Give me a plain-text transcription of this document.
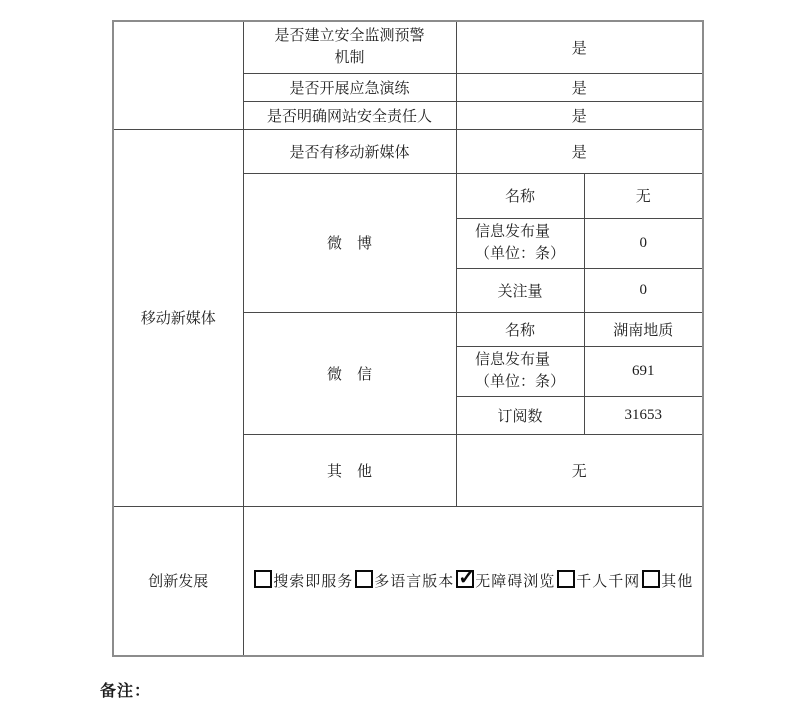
	是否建立安全监测预警
机制	是	
	是否开展应急演练	是	
	是否明确网站安全责任人	是	
移动新媒体	是否有移动新媒体	是	
	微　博	名称	无

		信息发布量
（单位：条）	0
		关注量	0
	微　信	名称	湖南地质

		信息发布量
（单位：条）	691
		订阅数	31653
	其　他	无	
创新发展	搜索即服务 多语言版本 ✓ 无障碍浏览 千人千网 其他
备注：
